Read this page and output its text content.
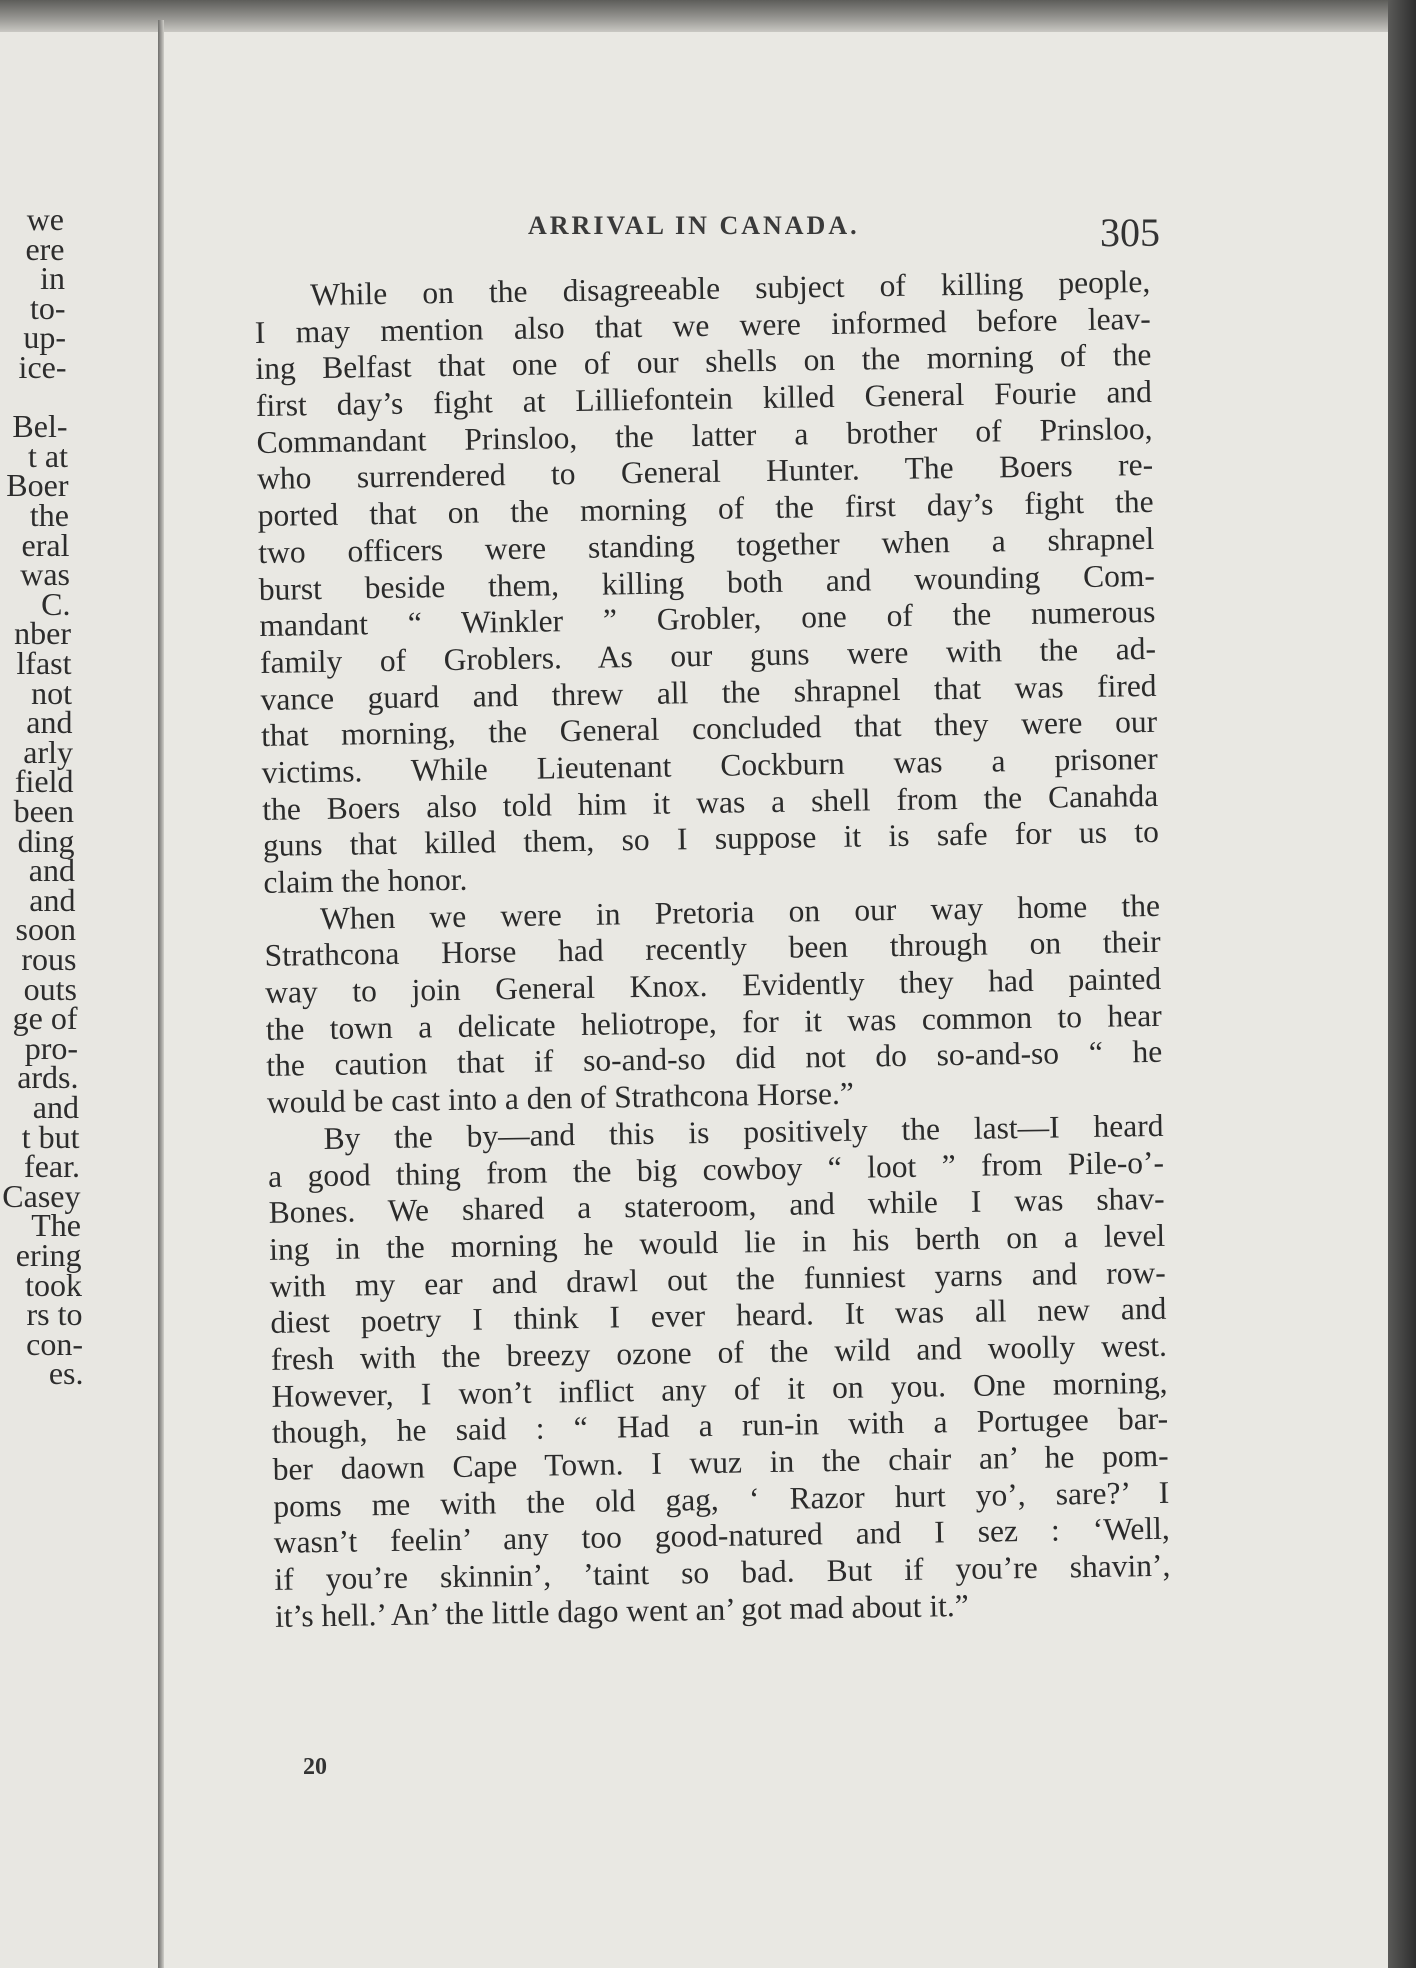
we
ere
in
to-
up-
ice-
Bel-
t at
Boer
the
eral
was
C.
nber
lfast
not
and
arly
field
been
ding
and
and
soon
rous
outs
ge of
pro-
ards.
and
t but
fear.
Casey
The
ering
took
rs to
con-
es.
ARRIVAL IN CANADA.	305
While on the disagreeable subject of killing people,
I may mention also that we were informed before leav-
ing Belfast that one of our shells on the morning of the
first day’s fight at Lilliefontein killed General Fourie and
Commandant Prinsloo, the latter a brother of Prinsloo,
who surrendered to General Hunter. The Boers re-
ported that on the morning of the first day’s fight the
two officers were standing together when a shrapnel
burst beside them, killing both and wounding Com-
mandant “ Winkler ” Grobler, one of the numerous
family of Groblers. As our guns were with the ad-
vance guard and threw all the shrapnel that was fired
that morning, the General concluded that they were our
victims. While Lieutenant Cockburn was a prisoner
the Boers also told him it was a shell from the Canahda
guns that killed them, so I suppose it is safe for us to
claim the honor.
When we were in Pretoria on our way home the
Strathcona Horse had recently been through on their
way to join General Knox. Evidently they had painted
the town a delicate heliotrope, for it was common to hear
the caution that if so-and-so did not do so-and-so “ he
would be cast into a den of Strathcona Horse.”
By the by—and this is positively the last—I heard
a good thing from the big cowboy “ loot ” from Pile-o’-
Bones. We shared a stateroom, and while I was shav-
ing in the morning he would lie in his berth on a level
with my ear and drawl out the funniest yarns and row-
diest poetry I think I ever heard. It was all new and
fresh with the breezy ozone of the wild and woolly west.
However, I won’t inflict any of it on you. One morning,
though, he said : “ Had a run-in with a Portugee bar-
ber daown Cape Town. I wuz in the chair an’ he pom-
poms me with the old gag, ‘ Razor hurt yo’, sare?’ I
wasn’t feelin’ any too good-natured and I sez : ‘Well,
if you’re skinnin’, ’taint so bad. But if you’re shavin’,
it’s hell.’ An’ the little dago went an’ got mad about it.”
20
